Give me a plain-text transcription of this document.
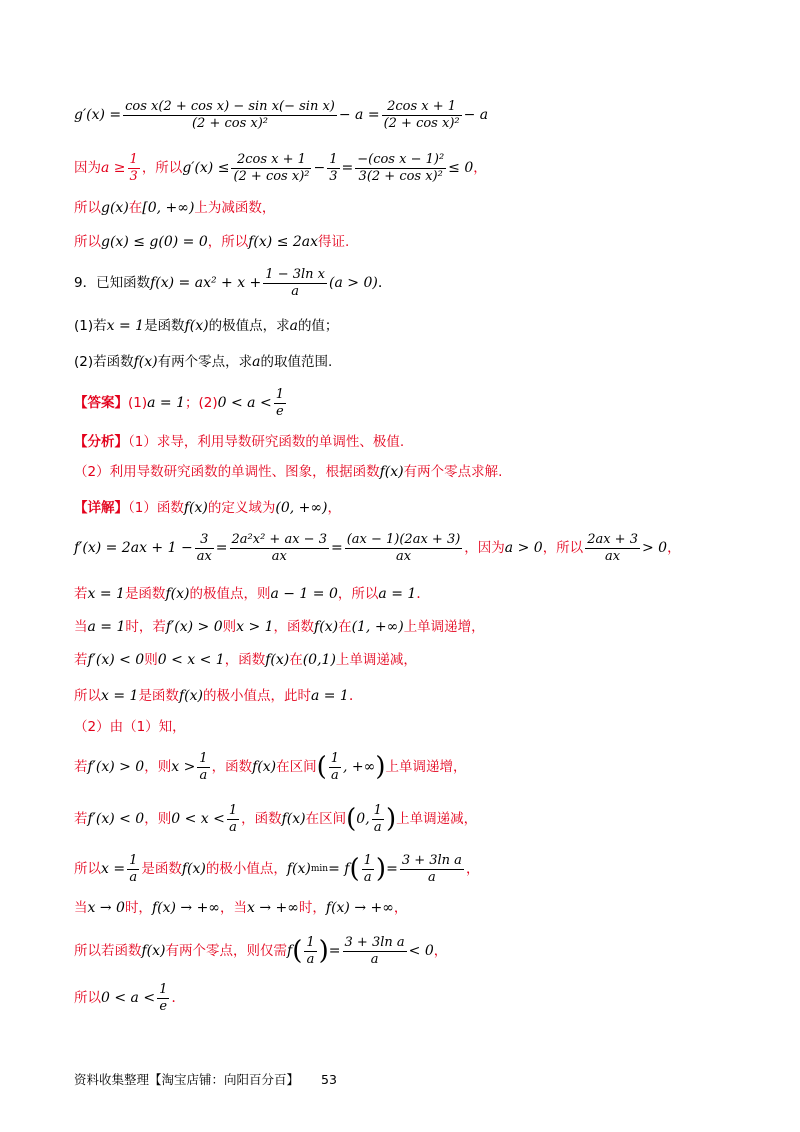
$g'(x) = \frac{\text{cos x(2 + cos x) − sin x(− sin x)}}{\text{(2 + cos x)²}} - a = \frac{\text{2cos x + 1}}{\text{(2 + cos x)²}} - a$
因为 $a \ge \frac{1}{3}$ ，所以 $g'(x) \le \frac{\text{2cos x + 1}}{\text{(2 + cos x)²}} - \frac{1}{3} = \frac{\text{−(cos x − 1)²}}{\text{3(2 + cos x)²}} \le 0$ ，
所以g(x)在[0, +∞)上为减函数，
所以g(x) ≤ g(0) = 0，所以f(x) ≤ 2ax得证.
9．已知函数 $f(x) = ax^2 + x + \frac{\text{1 − 3ln x}}{a} (a > 0)$ .
(1)若x = 1是函数f(x)的极值点，求a的值；
(2)若函数f(x)有两个零点，求a的取值范围.
【答案】 (1) a = 1 ；(2) $0 < a < \frac{1}{e}$
【分析】（1）求导，利用导数研究函数的单调性、极值.
（2）利用导数研究函数的单调性、图象，根据函数f(x)有两个零点求解.
【详解】（1）函数f(x)的定义域为(0, +∞)，
$f'(x) = 2ax + 1 - \frac{3}{ax} = \frac{\text{2a²x² + ax − 3}}{ax} = \frac{(ax - 1)(2ax + 3)}{ax}$ ，因为 a > 0 ，所以 $\frac{2ax + 3}{ax} > 0$ ，
若x = 1是函数f(x)的极值点，则a − 1 = 0，所以a = 1.
当a = 1时，若f′(x) > 0则x > 1，函数f(x)在(1, +∞)上单调递增，
若f′(x) < 0则0 < x < 1，函数f(x)在(0,1)上单调递减，
所以x = 1是函数f(x)的极小值点，此时a = 1.
（2）由（1）知，
若 f′(x) > 0 ，则 $x > \frac{1}{a}$ ，函数 f(x) 在区间 ( $\frac{1}{a}$ , +∞ ) 上单调递增，
若 f′(x) < 0 ，则 $0 < x < \frac{1}{a}$ ，函数 f(x) 在区间 ( 0, $\frac{1}{a}$ ) 上单调递减，
所以 $x = \frac{1}{a}$ 是函数 f(x) 的极小值点， f(x) min = f ( $\frac{1}{a}$ ) = $\frac{\text{3 + 3ln a}}{a}$ ，
当x → 0时，f(x) → +∞，当x → +∞时，f(x) → +∞，
所以若函数 f(x) 有两个零点，则仅需 f ( $\frac{1}{a}$ ) = $\frac{\text{3 + 3ln a}}{a} < 0$ ，
所以 $0 < a < \frac{1}{e}$ .
资料收集整理【淘宝店铺：向阳百分百】 53
